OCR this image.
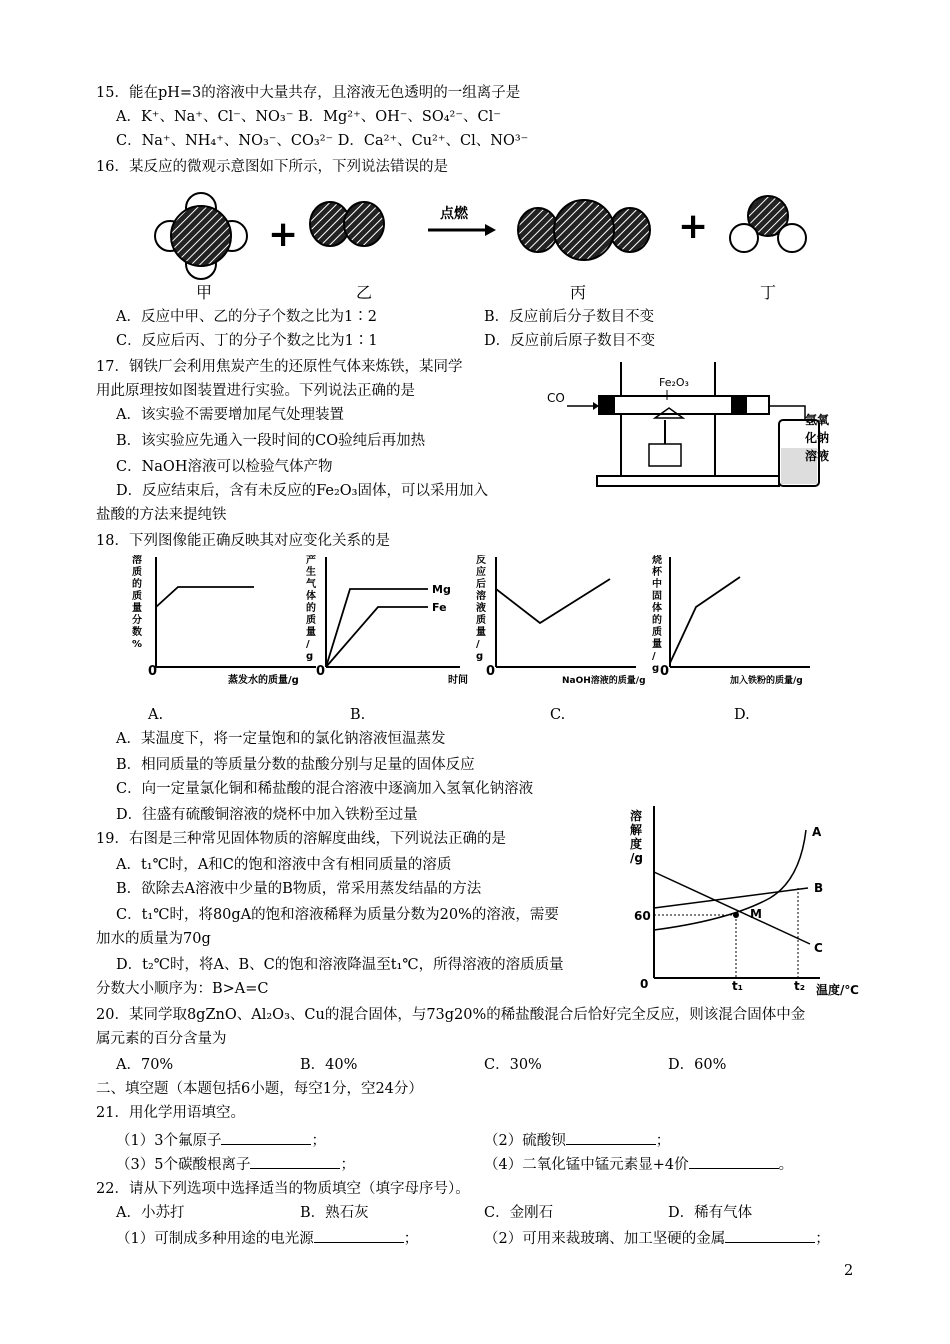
15．能在pH=3的溶液中大量共存，且溶液无色透明的一组离子是
A．K⁺、Na⁺、Cl⁻、NO₃⁻ B．Mg²⁺、OH⁻、SO₄²⁻、Cl⁻
C．Na⁺、NH₄⁺、NO₃⁻、CO₃²⁻ D．Ca²⁺、Cu²⁺、Cl、NO³⁻
16．某反应的微观示意图如下所示，下列说法错误的是
+	点燃	+
甲	乙	丙	丁
A．反应中甲、乙的分子个数之比为1∶2	B．反应前后分子数目不变
C．反应后丙、丁的分子个数之比为1∶1	D．反应前后原子数目不变
17．钢铁厂会利用焦炭产生的还原性气体来炼铁，某同学
用此原理按如图装置进行实验。下列说法正确的是
A．该实验不需要增加尾气处理装置
B．该实验应先通入一段时间的CO验纯后再加热
C．NaOH溶液可以检验气体产物
D．反应结束后，含有未反应的Fe₂O₃固体，可以采用加入
盐酸的方法来提纯铁
CO
Fe₂O₃
氢氧
化钠
溶液
18．下列图像能正确反映其对应变化关系的是
溶
质
的
质
量
分
数
%
0
蒸发水的质量/g
产
生
气
体
的
质
量
/
g
0
Mg
Fe
时间
反
应
后
溶
液
质
量
/
g
0
NaOH溶液的质量/g
烧
杯
中
固
体
的
质
量
/
g 0
加入铁粉的质量/g
A.	B.	C.	D.
A．某温度下，将一定量饱和的氯化钠溶液恒温蒸发
B．相同质量的等质量分数的盐酸分别与足量的固体反应
C．向一定量氯化铜和稀盐酸的混合溶液中逐滴加入氢氧化钠溶液
D．往盛有硫酸铜溶液的烧杯中加入铁粉至过量
19．右图是三种常见固体物质的溶解度曲线，下列说法正确的是
A．t₁℃时，A和C的饱和溶液中含有相同质量的溶质
B．欲除去A溶液中少量的B物质，常采用蒸发结晶的方法
C．t₁℃时，将80gA的饱和溶液稀释为质量分数为20%的溶液，需要
加水的质量为70g
D．t₂℃时，将A、B、C的饱和溶液降温至t₁℃，所得溶液的溶质质量
分数大小顺序为：B>A=C
溶
解
度
/g
60
0
M
A
B
C
t₁	t₂ 温度/℃
20．某同学取8gZnO、Al₂O₃、Cu的混合固体，与73g20%的稀盐酸混合后恰好完全反应，则该混合固体中金
属元素的百分含量为
A．70%	B．40%	C．30%	D．60%
二、填空题（本题包括6小题，每空1分，空24分）
21．用化学用语填空。
（1）3个氟原子	；	（2）硫酸钡	；
（3）5个碳酸根离子	；	（4）二氧化锰中锰元素显+4价	。
22．请从下列选项中选择适当的物质填空（填字母序号）。
A．小苏打	B．熟石灰	C．金刚石	D．稀有气体
（1）可制成多种用途的电光源	；	（2）可用来裁玻璃、加工坚硬的金属	；
2
